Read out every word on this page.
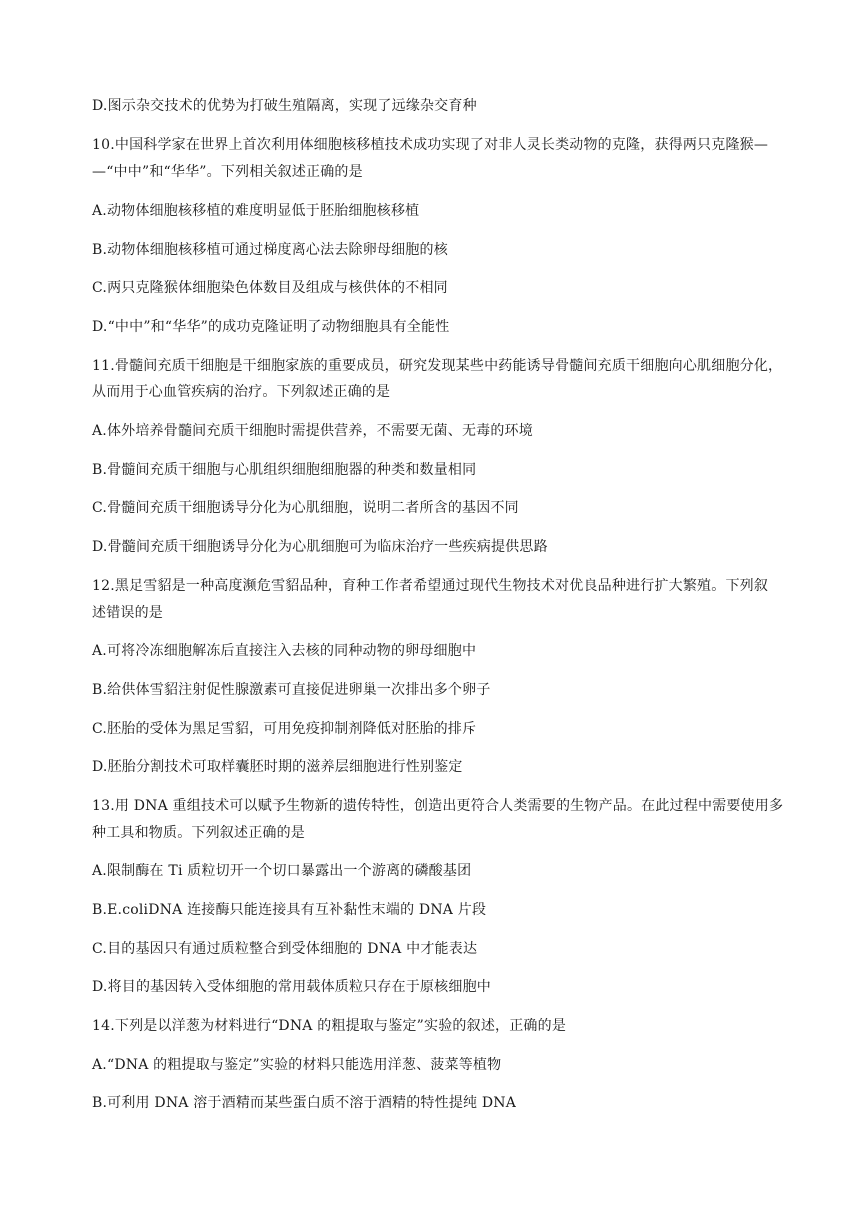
D.图示杂交技术的优势为打破生殖隔离，实现了远缘杂交育种
10.中国科学家在世界上首次利用体细胞核移植技术成功实现了对非人灵长类动物的克隆，获得两只克隆猴—
—“中中”和“华华”。下列相关叙述正确的是
A.动物体细胞核移植的难度明显低于胚胎细胞核移植
B.动物体细胞核移植可通过梯度离心法去除卵母细胞的核
C.两只克隆猴体细胞染色体数目及组成与核供体的不相同
D.“中中”和“华华”的成功克隆证明了动物细胞具有全能性
11.骨髓间充质干细胞是干细胞家族的重要成员，研究发现某些中药能诱导骨髓间充质干细胞向心肌细胞分化，
从而用于心血管疾病的治疗。下列叙述正确的是
A.体外培养骨髓间充质干细胞时需提供营养，不需要无菌、无毒的环境
B.骨髓间充质干细胞与心肌组织细胞细胞器的种类和数量相同
C.骨髓间充质干细胞诱导分化为心肌细胞，说明二者所含的基因不同
D.骨髓间充质干细胞诱导分化为心肌细胞可为临床治疗一些疾病提供思路
12.黑足雪貂是一种高度濒危雪貂品种，育种工作者希望通过现代生物技术对优良品种进行扩大繁殖。下列叙
述错误的是
A.可将冷冻细胞解冻后直接注入去核的同种动物的卵母细胞中
B.给供体雪貂注射促性腺激素可直接促进卵巢一次排出多个卵子
C.胚胎的受体为黑足雪貂，可用免疫抑制剂降低对胚胎的排斥
D.胚胎分割技术可取样囊胚时期的滋养层细胞进行性别鉴定
13.用 DNA 重组技术可以赋予生物新的遗传特性，创造出更符合人类需要的生物产品。在此过程中需要使用多
种工具和物质。下列叙述正确的是
A.限制酶在 Ti 质粒切开一个切口暴露出一个游离的磷酸基团
B.E.coliDNA 连接酶只能连接具有互补黏性末端的 DNA 片段
C.目的基因只有通过质粒整合到受体细胞的 DNA 中才能表达
D.将目的基因转入受体细胞的常用载体质粒只存在于原核细胞中
14.下列是以洋葱为材料进行“DNA 的粗提取与鉴定”实验的叙述，正确的是
A.“DNA 的粗提取与鉴定”实验的材料只能选用洋葱、菠菜等植物
B.可利用 DNA 溶于酒精而某些蛋白质不溶于酒精的特性提纯 DNA
